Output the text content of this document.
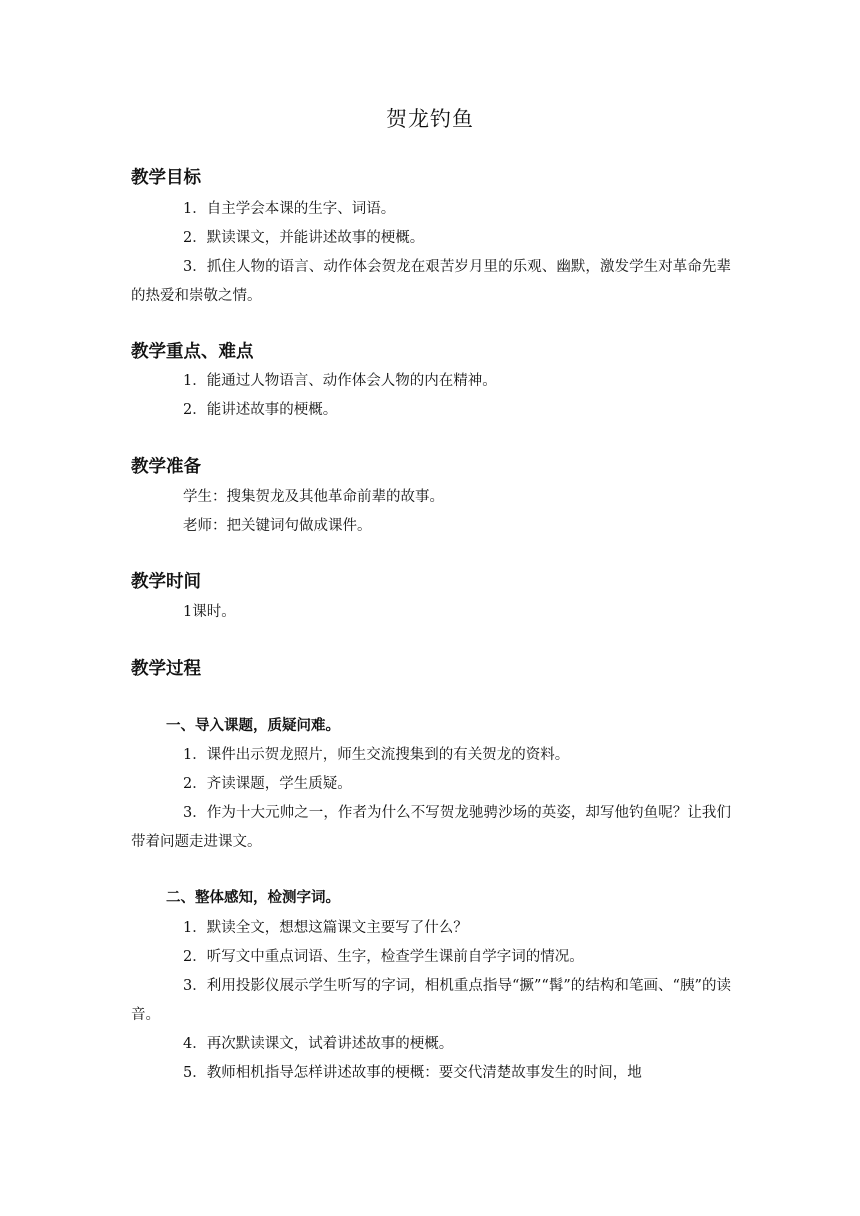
贺龙钓鱼
教学目标
1．自主学会本课的生字、词语。
2．默读课文，并能讲述故事的梗概。
3．抓住人物的语言、动作体会贺龙在艰苦岁月里的乐观、幽默，激发学生对革命先辈的热爱和崇敬之情。
教学重点、难点
1．能通过人物语言、动作体会人物的内在精神。
2．能讲述故事的梗概。
教学准备
学生：搜集贺龙及其他革命前辈的故事。
老师：把关键词句做成课件。
教学时间
1课时。
教学过程
一、导入课题，质疑问难。
1．课件出示贺龙照片，师生交流搜集到的有关贺龙的资料。
2．齐读课题，学生质疑。
3．作为十大元帅之一，作者为什么不写贺龙驰骋沙场的英姿，却写他钓鱼呢？让我们带着问题走进课文。
二、整体感知，检测字词。
1．默读全文，想想这篇课文主要写了什么？
2．听写文中重点词语、生字，检查学生课前自学字词的情况。
3．利用投影仪展示学生听写的字词，相机重点指导“撅”“髯”的结构和笔画、“胰”的读音。
4．再次默读课文，试着讲述故事的梗概。
5．教师相机指导怎样讲述故事的梗概：要交代清楚故事发生的时间，地
